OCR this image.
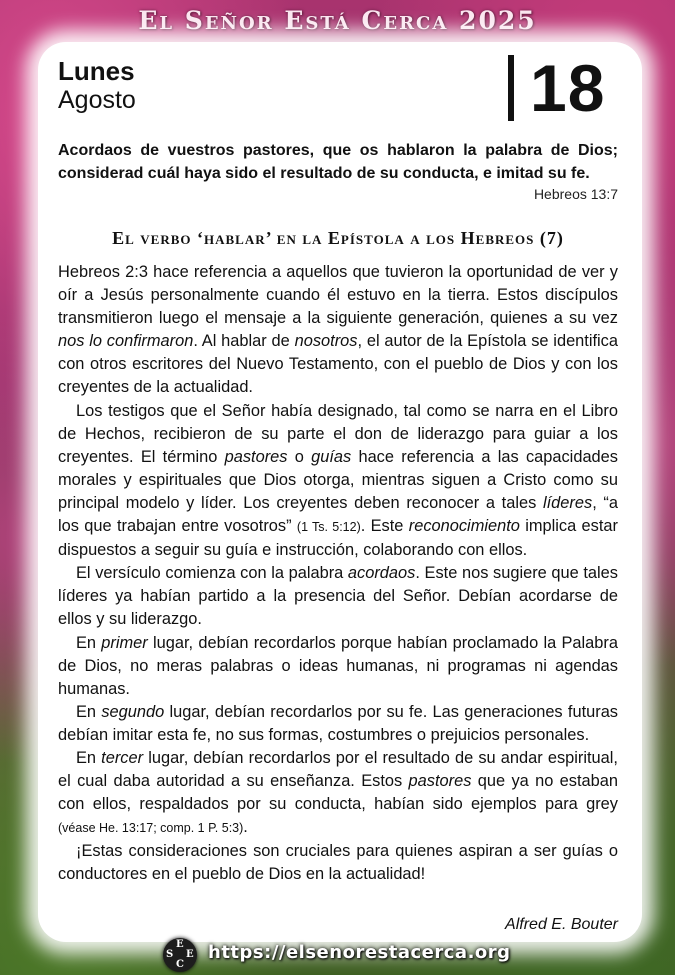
El Señor Está Cerca 2025
Lunes
Agosto	18
Acordaos de vuestros pastores, que os hablaron la palabra de Dios; considerad cuál haya sido el resultado de su conducta, e imitad su fe.
Hebreos 13:7
El verbo ‘hablar’ en la Epístola a los Hebreos (7)

Hebreos 2:3 hace referencia a aquellos que tuvieron la oportunidad de ver y oír a Jesús personalmente cuando él estuvo en la tierra. Estos discípulos transmitieron luego el mensaje a la siguiente generación, quienes a su vez nos lo confirmaron. Al hablar de nosotros, el autor de la Epístola se identifica con otros escritores del Nuevo Testamento, con el pueblo de Dios y con los creyentes de la actualidad.

Los testigos que el Señor había designado, tal como se narra en el Libro de Hechos, recibieron de su parte el don de liderazgo para guiar a los creyentes. El término pastores o guías hace referencia a las capacidades morales y espirituales que Dios otorga, mientras siguen a Cristo como su principal modelo y líder. Los creyentes deben reconocer a tales líderes, “a los que trabajan entre vosotros” (1 Ts. 5:12). Este reconocimiento implica estar dispuestos a seguir su guía e instrucción, colaborando con ellos.

El versículo comienza con la palabra acordaos. Este nos sugiere que tales líderes ya habían partido a la presencia del Señor. Debían acordarse de ellos y su liderazgo.

En primer lugar, debían recordarlos porque habían proclamado la Palabra de Dios, no meras palabras o ideas humanas, ni programas ni agendas humanas.

En segundo lugar, debían recordarlos por su fe. Las generaciones futuras debían imitar esta fe, no sus formas, costumbres o prejuicios personales.

En tercer lugar, debían recordarlos por el resultado de su andar espiritual, el cual daba autoridad a su enseñanza. Estos pastores que ya no estaban con ellos, respaldados por su conducta, habían sido ejemplos para grey (véase He. 13:17; comp. 1 P. 5:3).

¡Estas consideraciones son cruciales para quienes aspiran a ser guías o conductores en el pueblo de Dios en la actualidad!

Alfred E. Bouter
E
S E
C
https://elsenorestacerca.org
